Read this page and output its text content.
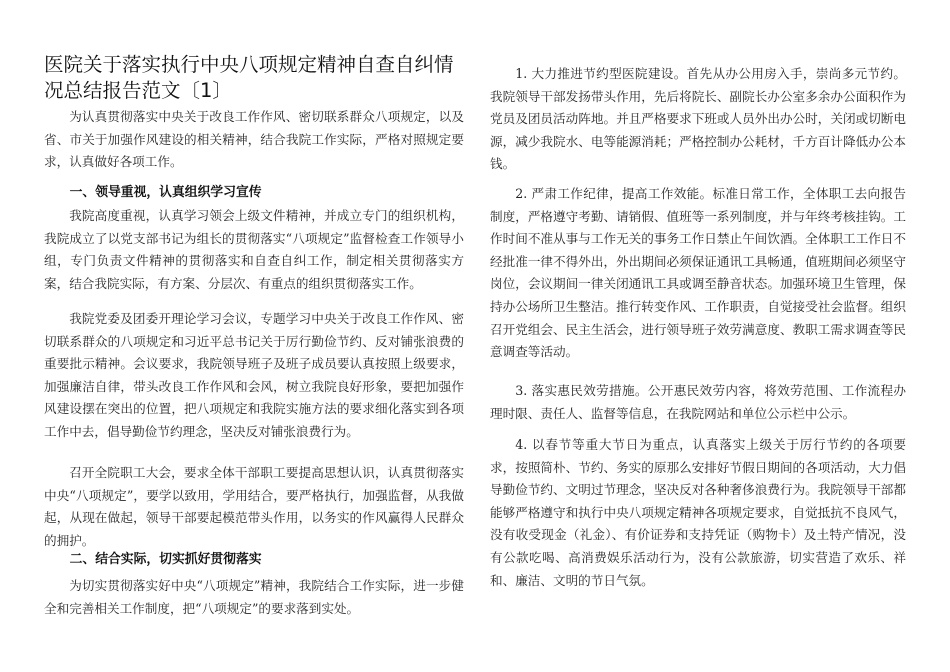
医院关于落实执行中央八项规定精神自查自纠情况总结报告范文〔1〕

为认真贯彻落实中央关于改良工作作风、密切联系群众八项规定，以及省、市关于加强作风建设的相关精神，结合我院工作实际，严格对照规定要求，认真做好各项工作。

一、领导重视，认真组织学习宣传

我院高度重视，认真学习领会上级文件精神，并成立专门的组织机构，我院成立了以党支部书记为组长的贯彻落实“八项规定”监督检查工作领导小组，专门负责文件精神的贯彻落实和自查自纠工作，制定相关贯彻落实方案，结合我院实际，有方案、分层次、有重点的组织贯彻落实工作。

我院党委及团委开理论学习会议，专题学习中央关于改良工作作风、密切联系群众的八项规定和习近平总书记关于厉行勤俭节约、反对铺张浪费的重要批示精神。会议要求，我院领导班子及班子成员要认真按照上级要求，加强廉洁自律，带头改良工作作风和会风，树立我院良好形象，要把加强作风建设摆在突出的位置，把八项规定和我院实施方法的要求细化落实到各项工作中去，倡导勤俭节约理念，坚决反对铺张浪费行为。

召开全院职工大会，要求全体干部职工要提高思想认识，认真贯彻落实中央“八项规定”，要学以致用，学用结合，要严格执行，加强监督，从我做起，从现在做起，领导干部要起模范带头作用，以务实的作风赢得人民群众的拥护。

二、结合实际，切实抓好贯彻落实

为切实贯彻落实好中央“八项规定”精神，我院结合工作实际，进一步健全和完善相关工作制度，把“八项规定”的要求落到实处。

1. 大力推进节约型医院建设。首先从办公用房入手，崇尚多元节约。我院领导干部发扬带头作用，先后将院长、副院长办公室多余办公面积作为党员及团员活动阵地。并且严格要求下班或人员外出办公时，关闭或切断电源，减少我院水、电等能源消耗；严格控制办公耗材，千方百计降低办公本钱。

2. 严肃工作纪律，提高工作效能。标准日常工作，全体职工去向报告制度，严格遵守考勤、请销假、值班等一系列制度，并与年终考核挂钩。工作时间不准从事与工作无关的事务工作日禁止午间饮酒。全体职工工作日不经批准一律不得外出，外出期间必须保证通讯工具畅通，值班期间必须坚守岗位，会议期间一律关闭通讯工具或调至静音状态。加强环境卫生管理，保持办公场所卫生整洁。推行转变作风、工作职责，自觉接受社会监督。组织召开党组会、民主生活会，进行领导班子效劳满意度、教职工需求调查等民意调查等活动。

3. 落实惠民效劳措施。公开惠民效劳内容，将效劳范围、工作流程办理时限、责任人、监督等信息，在我院网站和单位公示栏中公示。

4. 以春节等重大节日为重点，认真落实上级关于厉行节约的各项要求，按照简朴、节约、务实的原那么安排好节假日期间的各项活动，大力倡导勤俭节约、文明过节理念，坚决反对各种奢侈浪费行为。我院领导干部都能够严格遵守和执行中央八项规定精神各项规定要求，自觉抵抗不良风气，没有收受现金（礼金）、有价证券和支持凭证（购物卡）及土特产情况，没有公款吃喝、高消费娱乐活动行为，没有公款旅游，切实营造了欢乐、祥和、廉洁、文明的节日气氛。
